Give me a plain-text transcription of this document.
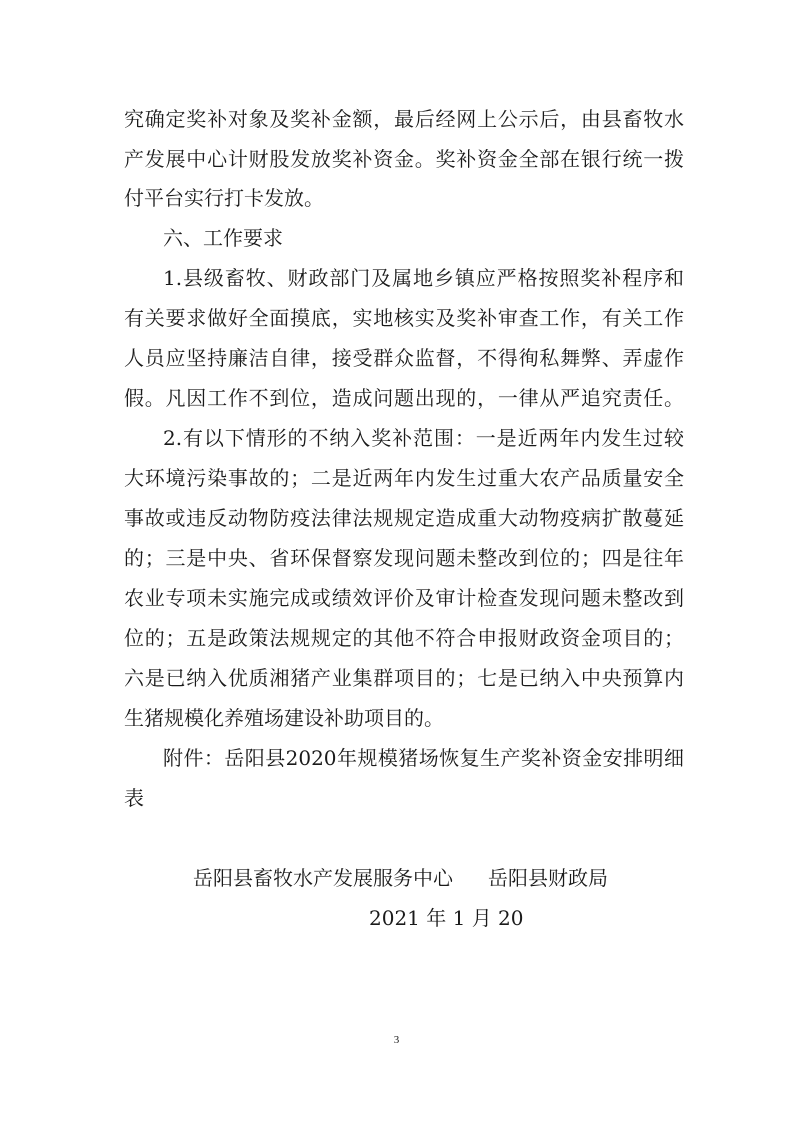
究确定奖补对象及奖补金额，最后经网上公示后，由县畜牧水
产发展中心计财股发放奖补资金。奖补资金全部在银行统一拨
付平台实行打卡发放。
六、工作要求
1.县级畜牧、财政部门及属地乡镇应严格按照奖补程序和
有关要求做好全面摸底，实地核实及奖补审查工作，有关工作
人员应坚持廉洁自律，接受群众监督，不得徇私舞弊、弄虚作
假。凡因工作不到位，造成问题出现的，一律从严追究责任。
2.有以下情形的不纳入奖补范围：一是近两年内发生过较
大环境污染事故的；二是近两年内发生过重大农产品质量安全
事故或违反动物防疫法律法规规定造成重大动物疫病扩散蔓延
的；三是中央、省环保督察发现问题未整改到位的；四是往年
农业专项未实施完成或绩效评价及审计检查发现问题未整改到
位的；五是政策法规规定的其他不符合申报财政资金项目的；
六是已纳入优质湘猪产业集群项目的；七是已纳入中央预算内
生猪规模化养殖场建设补助项目的。
附件：岳阳县2020年规模猪场恢复生产奖补资金安排明细
表
岳阳县畜牧水产发展服务中心 岳阳县财政局
2021 年 1 月 20
3
